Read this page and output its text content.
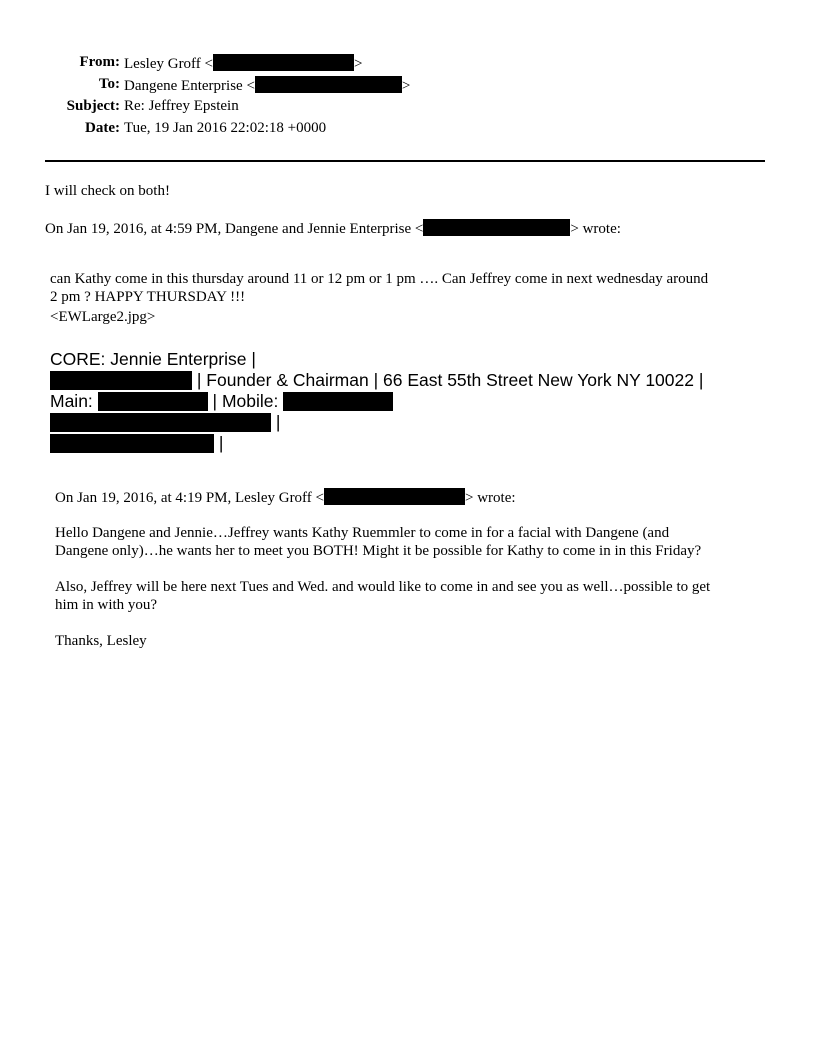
From: Lesley Groff <	>
To: Dangene Enterprise <	>
Subject: Re: Jeffrey Epstein
Date: Tue, 19 Jan 2016 22:02:18 +0000
I will check on both!
On Jan 19, 2016, at 4:59 PM, Dangene and Jennie Enterprise <	> wrote:
can Kathy come in this thursday around 11 or 12 pm or 1 pm …. Can Jeffrey come in next wednesday around
2 pm ? HAPPY THURSDAY !!!
<EWLarge2.jpg>
CORE: Jennie Enterprise |
| Founder & Chairman | 66 East 55th Street New York NY 10022 |
Main:	| Mobile:
|
|
On Jan 19, 2016, at 4:19 PM, Lesley Groff <	> wrote:
Hello Dangene and Jennie…Jeffrey wants Kathy Ruemmler to come in for a facial with Dangene (and
Dangene only)…he wants her to meet you BOTH! Might it be possible for Kathy to come in in this Friday?
Also, Jeffrey will be here next Tues and Wed. and would like to come in and see you as well…possible to get
him in with you?
Thanks, Lesley
